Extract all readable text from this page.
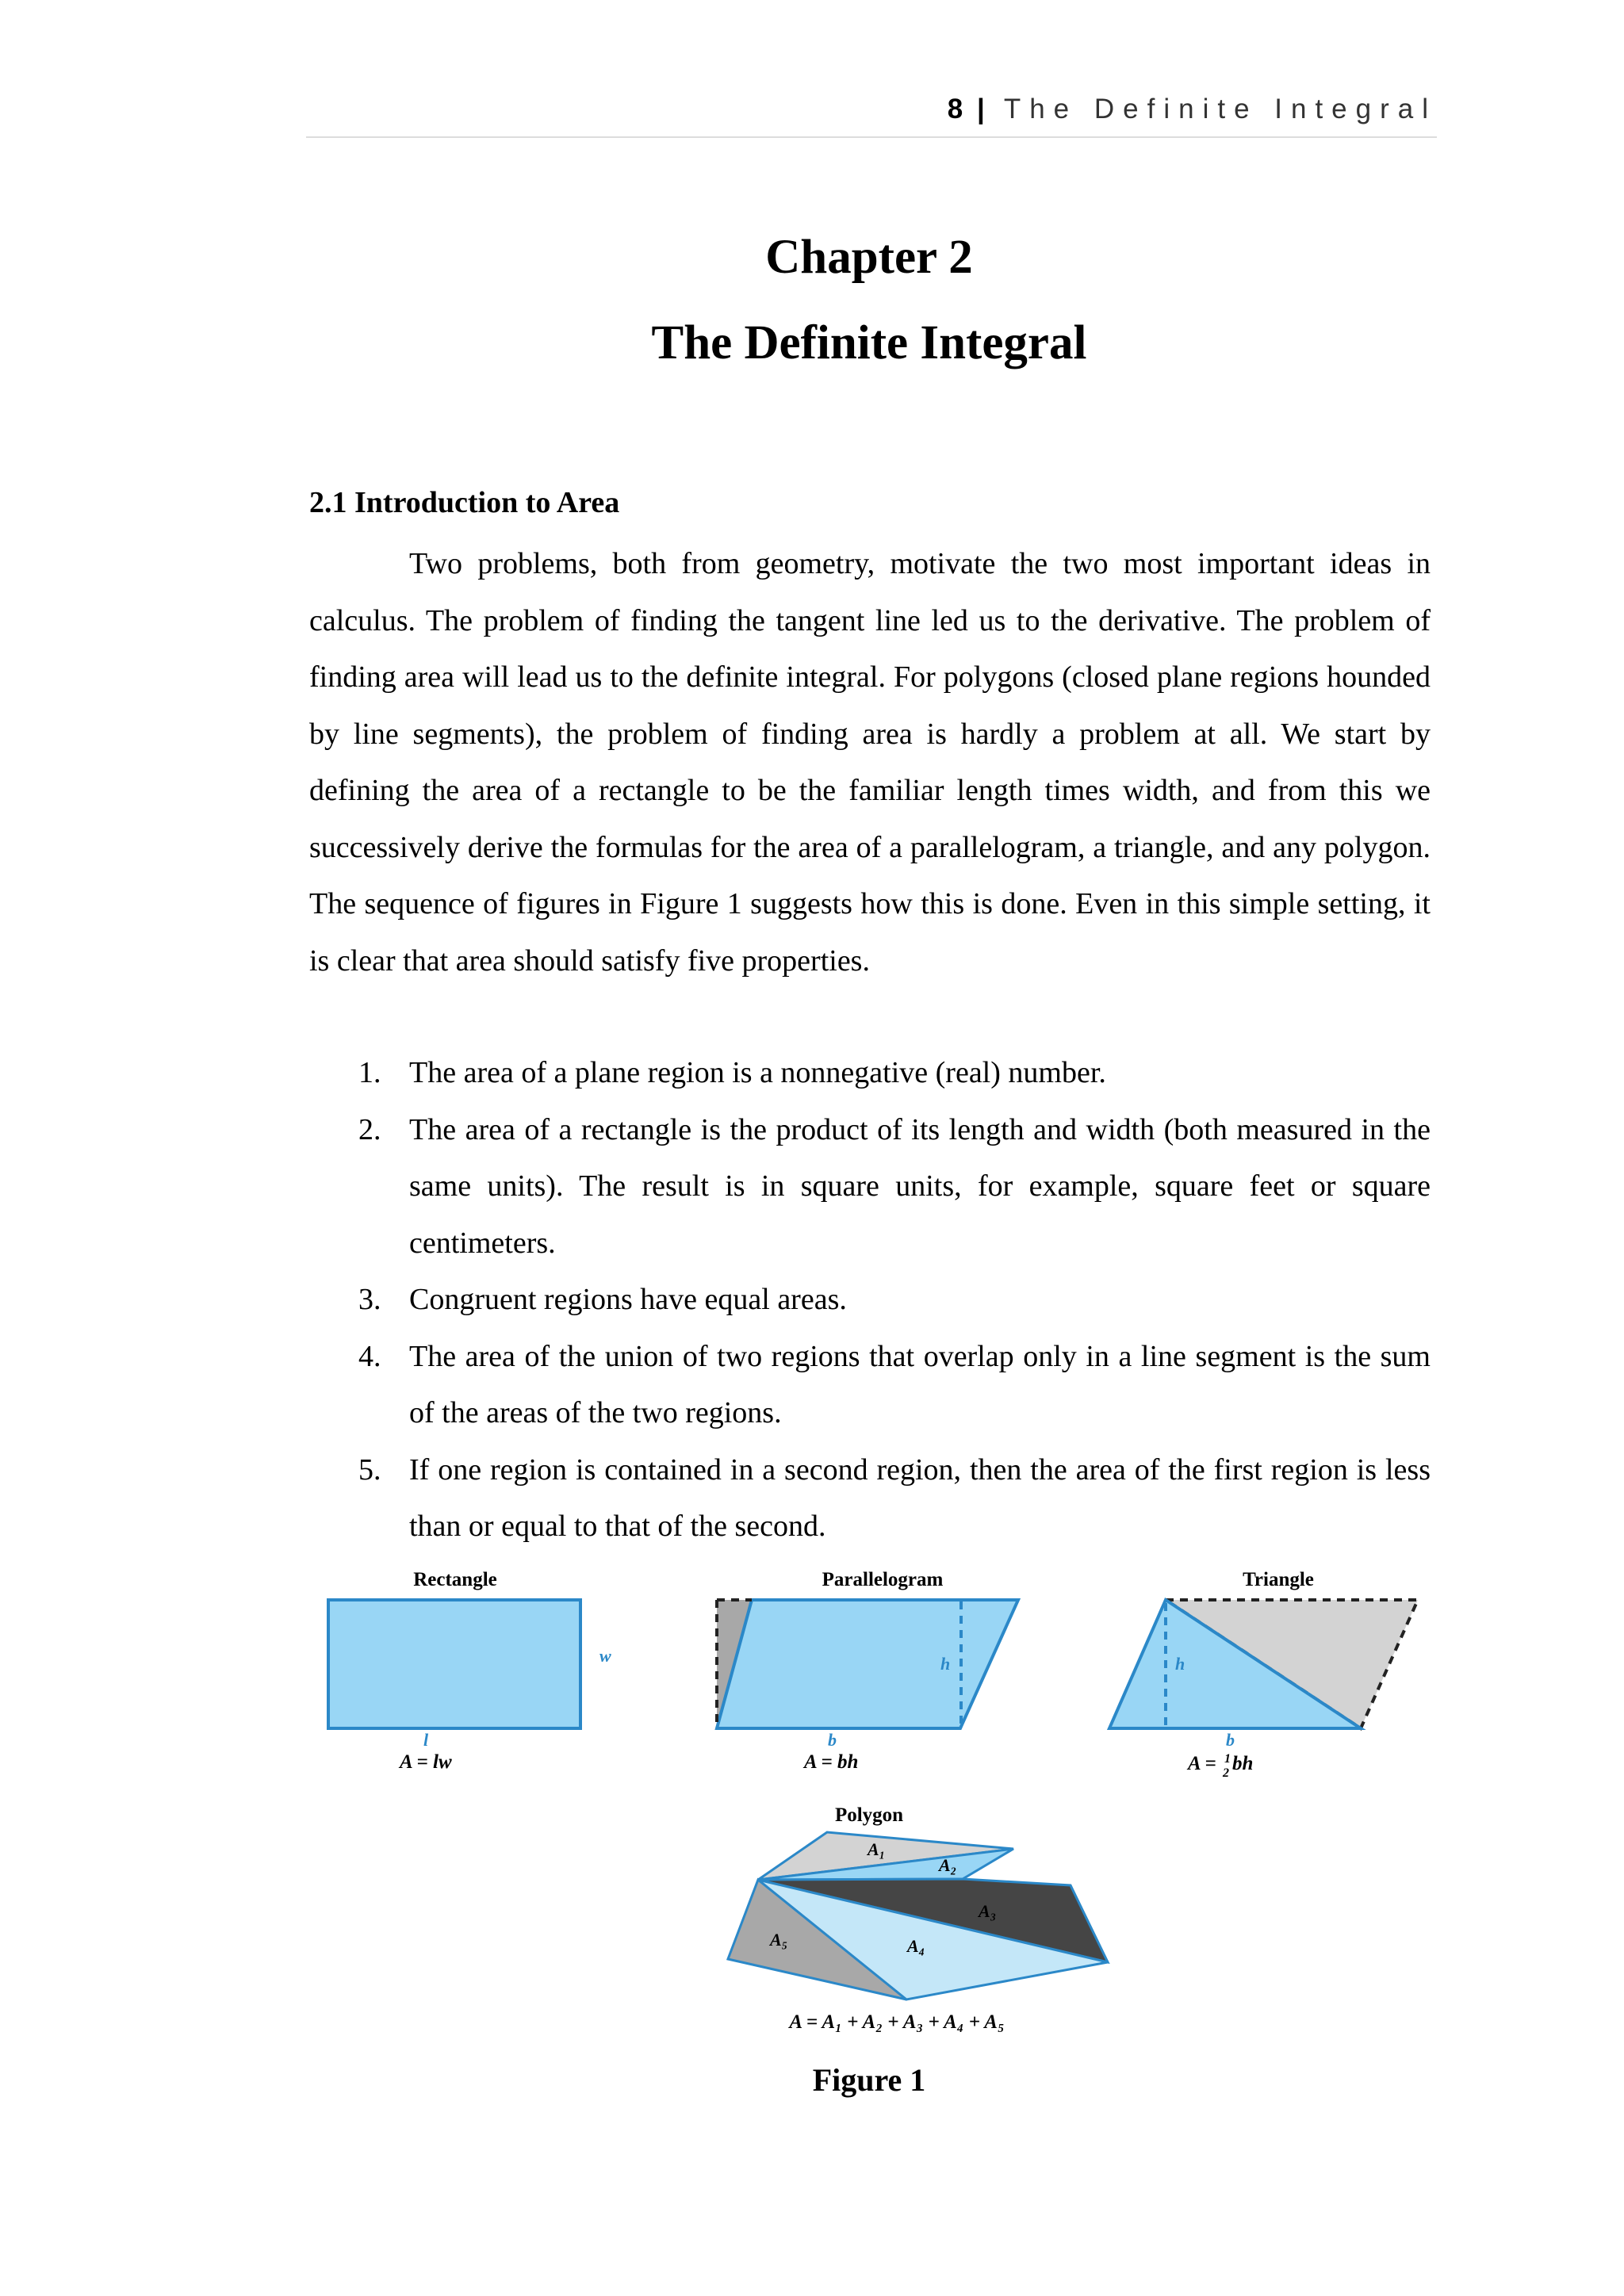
8 | The Definite Integral
Chapter 2
The Definite Integral
2.1 Introduction to Area

Two problems, both from geometry, motivate the two most important ideas in calculus. The problem of finding the tangent line led us to the derivative. The problem of finding area will lead us to the definite integral. For polygons (closed plane regions hounded by line segments), the problem of finding area is hardly a problem at all. We start by defining the area of a rectangle to be the familiar length times width, and from this we successively derive the formulas for the area of a parallelogram, a triangle, and any polygon. The sequence of figures in Figure 1 suggests how this is done. Even in this simple setting, it is clear that area should satisfy five properties.

1. The area of a plane region is a nonnegative (real) number.
2. The area of a rectangle is the product of its length and width (both measured in the same units). The result is in square units, for example, square feet or square centimeters.
3. Congruent regions have equal areas.
4. The area of the union of two regions that overlap only in a line segment is the sum of the areas of the two regions.
5. If one region is contained in a second region, then the area of the first region is less than or equal to that of the second.
Rectangle
w
l
A = lw
Parallelogram
h
b
A = bh
Triangle
h
b
A = $^1$ 2 bh
Polygon
A₁
A₂
A₃
A₄
A₅
A = A₁ + A₂ + A₃ + A₄ + A₅
Figure 1
